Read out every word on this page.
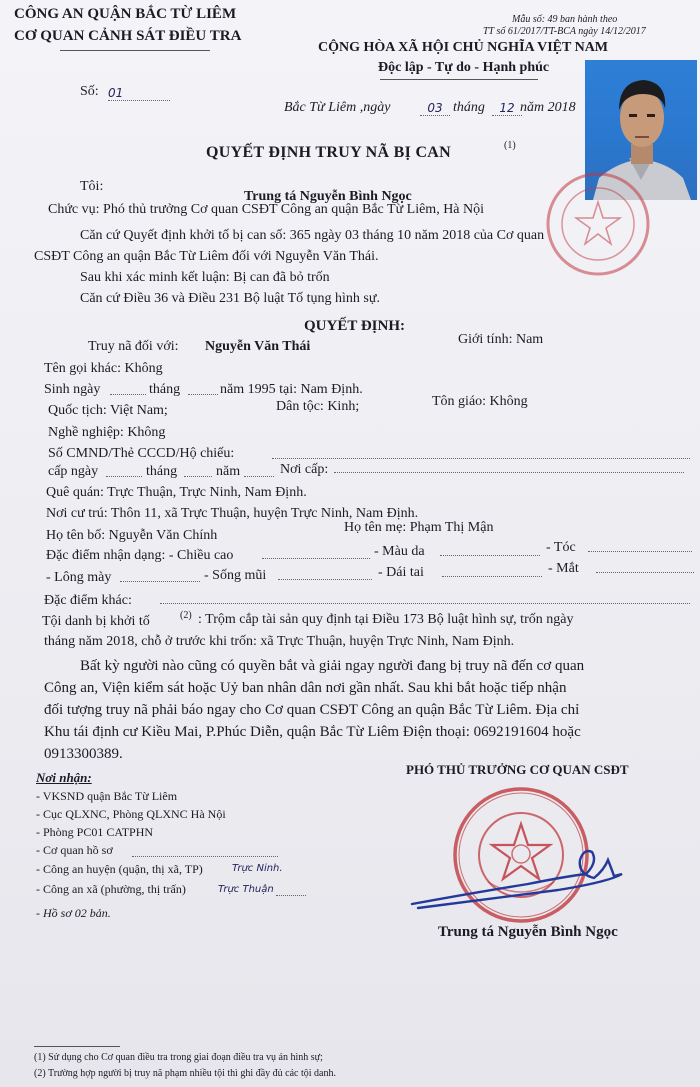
CÔNG AN QUẬN BẮC TỪ LIÊM
CƠ QUAN CẢNH SÁT ĐIỀU TRA
Mẫu số: 49 ban hành theo
TT số 61/2017/TT-BCA ngày 14/12/2017
CỘNG HÒA XÃ HỘI CHỦ NGHĨA VIỆT NAM
Độc lập - Tự do - Hạnh phúc
Số: 01
Bắc Từ Liêm ,ngày	03 tháng	12 năm 2018
QUYẾT ĐỊNH TRUY NÃ BỊ CAN	(1)
Tôi:
Trung tá Nguyễn Bình Ngọc
Chức vụ: Phó thủ trưởng Cơ quan CSĐT Công an quận Bắc Từ Liêm, Hà Nội
Căn cứ Quyết định khởi tố bị can số: 365 ngày 03 tháng 10 năm 2018 của Cơ quan
CSĐT Công an quận Bắc Từ Liêm đối với Nguyễn Văn Thái.
Sau khi xác minh kết luận: Bị can đã bỏ trốn
Căn cứ Điều 36 và Điều 231 Bộ luật Tố tụng hình sự.
QUYẾT ĐỊNH:
Truy nã đối với: Nguyễn Văn Thái	Giới tính: Nam
Tên gọi khác: Không
Sinh ngày	tháng	năm 1995 tại: Nam Định.
Quốc tịch: Việt Nam;	Dân tộc: Kinh;	Tôn giáo: Không
Nghề nghiệp: Không
Số CMND/Thẻ CCCD/Hộ chiếu:
cấp ngày	tháng	năm	Nơi cấp:
Quê quán: Trực Thuận, Trực Ninh, Nam Định.
Nơi cư trú: Thôn 11, xã Trực Thuận, huyện Trực Ninh, Nam Định.
Họ tên bố: Nguyễn Văn Chính
Họ tên mẹ: Phạm Thị Mận
Đặc điểm nhận dạng: - Chiều cao	- Màu da	- Tóc
- Lông mày	- Sống mũi	- Dái tai	- Mắt
Đặc điểm khác:
Tội danh bị khởi tố	(2) : Trộm cắp tài sản quy định tại Điều 173 Bộ luật hình sự, trốn ngày
tháng năm 2018, chỗ ở trước khi trốn: xã Trực Thuận, huyện Trực Ninh, Nam Định.
Bất kỳ người nào cũng có quyền bắt và giải ngay người đang bị truy nã đến cơ quan
Công an, Viện kiểm sát hoặc Uỷ ban nhân dân nơi gần nhất. Sau khi bắt hoặc tiếp nhận
đối tượng truy nã phải báo ngay cho Cơ quan CSĐT Công an quận Bắc Từ Liêm. Địa chỉ
Khu tái định cư Kiều Mai, P.Phúc Diễn, quận Bắc Từ Liêm Điện thoại: 0692191604 hoặc
0913300389.
Nơi nhận:
- VKSND quận Bắc Từ Liêm
- Cục QLXNC, Phòng QLXNC Hà Nội
- Phòng PC01 CATPHN
- Cơ quan hồ sơ
- Công an huyện (quận, thị xã, TP)	Trực Ninh.
- Công an xã (phường, thị trấn)	Trực Thuận
- Hồ sơ 02 bản.
PHÓ THỦ TRƯỞNG CƠ QUAN CSĐT
Trung tá Nguyễn Bình Ngọc
(1) Sử dụng cho Cơ quan điều tra trong giai đoạn điều tra vụ án hình sự;
(2) Trường hợp người bị truy nã phạm nhiều tội thì ghi đầy đủ các tội danh.
